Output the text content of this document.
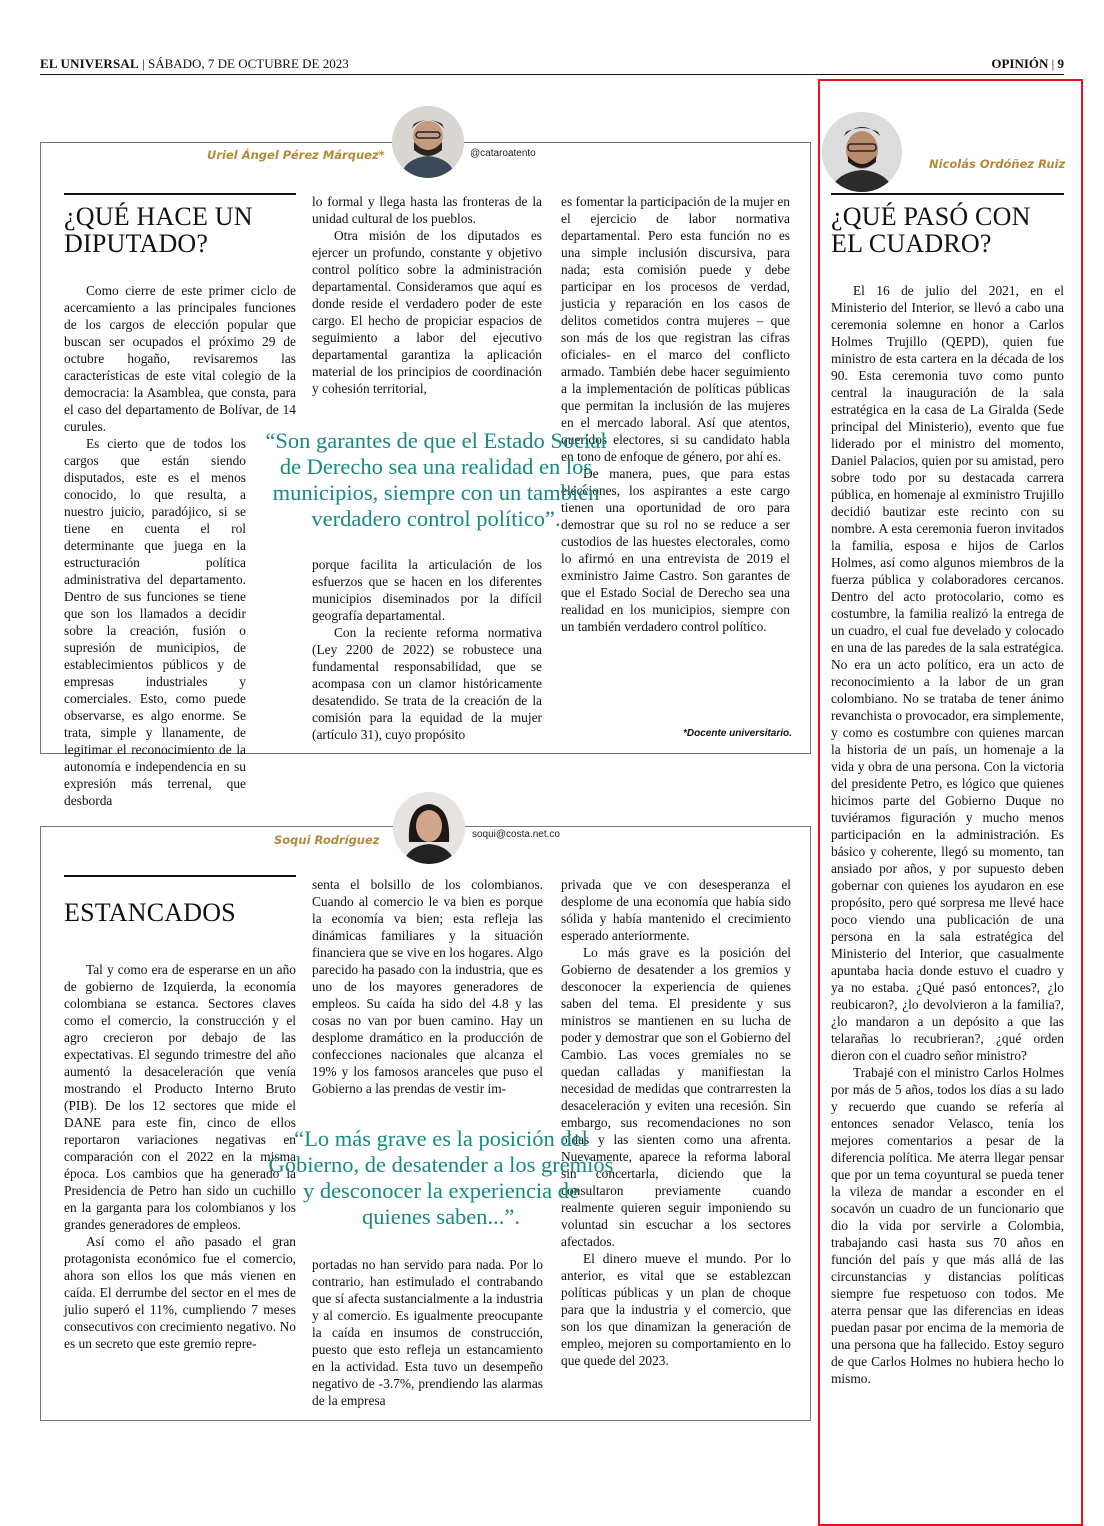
EL UNIVERSAL | SÁBADO, 7 DE OCTUBRE DE 2023	OPINIÓN | 9
Uriel Ángel Pérez Márquez*	@cataroatento
¿QUÉ HACE UN
DIPUTADO?

Como cierre de este primer ciclo de acercamiento a las principales funciones de los cargos de elección popular que buscan ser ocupados el próximo 29 de octubre hogaño, revisaremos las características de este vital colegio de la democracia: la Asamblea, que consta, para el caso del departamento de Bolívar, de 14 curules.

Es cierto que de todos los cargos que están siendo disputados, este es el menos conocido, lo que resulta, a nuestro juicio, paradójico, si se tiene en cuenta el rol determinante que juega en la estructuración política administrativa del departamento. Dentro de sus funciones se tiene que son los llamados a decidir sobre la creación, fusión o supresión de municipios, de establecimientos públicos y de empresas industriales y comerciales. Esto, como puede observarse, es algo enorme. Se trata, simple y llanamente, de legitimar el reconocimiento de la autonomía e independencia en su expresión más terrenal, que desborda

lo formal y llega hasta las fronteras de la unidad cultural de los pueblos.

Otra misión de los diputados es ejercer un profundo, constante y objetivo control político sobre la administración departamental. Consideramos que aquí es donde reside el verdadero poder de este cargo. El hecho de propiciar espacios de seguimiento a labor del ejecutivo departamental garantiza la aplicación material de los principios de coordinación y cohesión territorial,

porque facilita la articulación de los esfuerzos que se hacen en los diferentes municipios diseminados por la difícil geografía departamental.

Con la reciente reforma normativa (Ley 2200 de 2022) se robustece una fundamental responsabilidad, que se acompasa con un clamor históricamente desatendido. Se trata de la creación de la comisión para la equidad de la mujer (artículo 31), cuyo propósito

es fomentar la participación de la mujer en el ejercicio de labor normativa departamental. Pero esta función no es una simple inclusión discursiva, para nada; esta comisión puede y debe participar en los procesos de verdad, justicia y reparación en los casos de delitos cometidos contra mujeres – que son más de los que registran las cifras oficiales- en el marco del conflicto armado. También debe hacer seguimiento a la implementación de políticas públicas que permitan la inclusión de las mujeres en el mercado laboral. Así que atentos, queridos electores, si su candidato habla en tono de enfoque de género, por ahí es.

De manera, pues, que para estas elecciones, los aspirantes a este cargo tienen una oportunidad de oro para demostrar que su rol no se reduce a ser custodios de las huestes electorales, como lo afirmó en una entrevista de 2019 el exministro Jaime Castro. Son garantes de que el Estado Social de Derecho sea una realidad en los municipios, siempre con un también verdadero control político.

“Son garantes de que el Estado Social de Derecho sea una realidad en los municipios, siempre con un también verdadero control político”.
*Docente universitario.
Soqui Rodríguez	soqui@costa.net.co
ESTANCADOS

Tal y como era de esperarse en un año de gobierno de Izquierda, la economía colombiana se estanca. Sectores claves como el comercio, la construcción y el agro crecieron por debajo de las expectativas. El segundo trimestre del año aumentó la desaceleración que venía mostrando el Producto Interno Bruto (PIB). De los 12 sectores que mide el DANE para este fin, cinco de ellos reportaron variaciones negativas en comparación con el 2022 en la misma época. Los cambios que ha generado la Presidencia de Petro han sido un cuchillo en la garganta para los colombianos y los grandes generadores de empleos.

Así como el año pasado el gran protagonista económico fue el comercio, ahora son ellos los que más vienen en caída. El derrumbe del sector en el mes de julio superó el 11%, cumpliendo 7 meses consecutivos con crecimiento negativo. No es un secreto que este gremio repre-

senta el bolsillo de los colombianos. Cuando al comercio le va bien es porque la economía va bien; esta refleja las dinámicas familiares y la situación financiera que se vive en los hogares. Algo parecido ha pasado con la industria, que es uno de los mayores generadores de empleos. Su caída ha sido del 4.8 y las cosas no van por buen camino. Hay un desplome dramático en la producción de confecciones nacionales que alcanza el 19% y los famosos aranceles que puso el Gobierno a las prendas de vestir im-

portadas no han servido para nada. Por lo contrario, han estimulado el contrabando que sí afecta sustancialmente a la industria y al comercio. Es igualmente preocupante la caída en insumos de construcción, puesto que esto refleja un estancamiento en la actividad. Esta tuvo un desempeño negativo de -3.7%, prendiendo las alarmas de la empresa

privada que ve con desesperanza el desplome de una economía que había sido sólida y había mantenido el crecimiento esperado anteriormente.

Lo más grave es la posición del Gobierno de desatender a los gremios y desconocer la experiencia de quienes saben del tema. El presidente y sus ministros se mantienen en su lucha de poder y demostrar que son el Gobierno del Cambio. Las voces gremiales no se quedan calladas y manifiestan la necesidad de medidas que contrarresten la desaceleración y eviten una recesión. Sin embargo, sus recomendaciones no son oídas y las sienten como una afrenta. Nuevamente, aparece la reforma laboral sin concertarla, diciendo que la consultaron previamente cuando realmente quieren seguir imponiendo su voluntad sin escuchar a los sectores afectados.

El dinero mueve el mundo. Por lo anterior, es vital que se establezcan políticas públicas y un plan de choque para que la industria y el comercio, que son los que dinamizan la generación de empleo, mejoren su comportamiento en lo que quede del 2023.

“Lo más grave es la posición del Gobierno, de desatender a los gremios y desconocer la experiencia de quienes saben...”.
Nicolás Ordóñez Ruiz
¿QUÉ PASÓ CON
EL CUADRO?

El 16 de julio del 2021, en el Ministerio del Interior, se llevó a cabo una ceremonia solemne en honor a Carlos Holmes Trujillo (QEPD), quien fue ministro de esta cartera en la década de los 90. Esta ceremonia tuvo como punto central la inauguración de la sala estratégica en la casa de La Giralda (Sede principal del Ministerio), evento que fue liderado por el ministro del momento, Daniel Palacios, quien por su amistad, pero sobre todo por su destacada carrera pública, en homenaje al exministro Trujillo decidió bautizar este recinto con su nombre. A esta ceremonia fueron invitados la familia, esposa e hijos de Carlos Holmes, así como algunos miembros de la fuerza pública y colaboradores cercanos. Dentro del acto protocolario, como es costumbre, la familia realizó la entrega de un cuadro, el cual fue develado y colocado en una de las paredes de la sala estratégica. No era un acto político, era un acto de reconocimiento a la labor de un gran colombiano. No se trataba de tener ánimo revanchista o provocador, era simplemente, y como es costumbre con quienes marcan la historia de un país, un homenaje a la vida y obra de una persona. Con la victoria del presidente Petro, es lógico que quienes hicimos parte del Gobierno Duque no tuviéramos figuración y mucho menos participación en la administración. Es básico y coherente, llegó su momento, tan ansiado por años, y por supuesto deben gobernar con quienes los ayudaron en ese propósito, pero qué sorpresa me llevé hace poco viendo una publicación de una persona en la sala estratégica del Ministerio del Interior, que casualmente apuntaba hacia donde estuvo el cuadro y ya no estaba. ¿Qué pasó entonces?, ¿lo reubicaron?, ¿lo devolvieron a la familia?, ¿lo mandaron a un depósito a que las telarañas lo recubrieran?, ¿qué orden dieron con el cuadro señor ministro?

Trabajé con el ministro Carlos Holmes por más de 5 años, todos los días a su lado y recuerdo que cuando se refería al entonces senador Velasco, tenía los mejores comentarios a pesar de la diferencia política. Me aterra llegar pensar que por un tema coyuntural se pueda tener la vileza de mandar a esconder en el socavón un cuadro de un funcionario que dio la vida por servirle a Colombia, trabajando casi hasta sus 70 años en función del país y que más allá de las circunstancias y distancias políticas siempre fue respetuoso con todos. Me aterra pensar que las diferencias en ideas puedan pasar por encima de la memoria de una persona que ha fallecido. Estoy seguro de que Carlos Holmes no hubiera hecho lo mismo.
